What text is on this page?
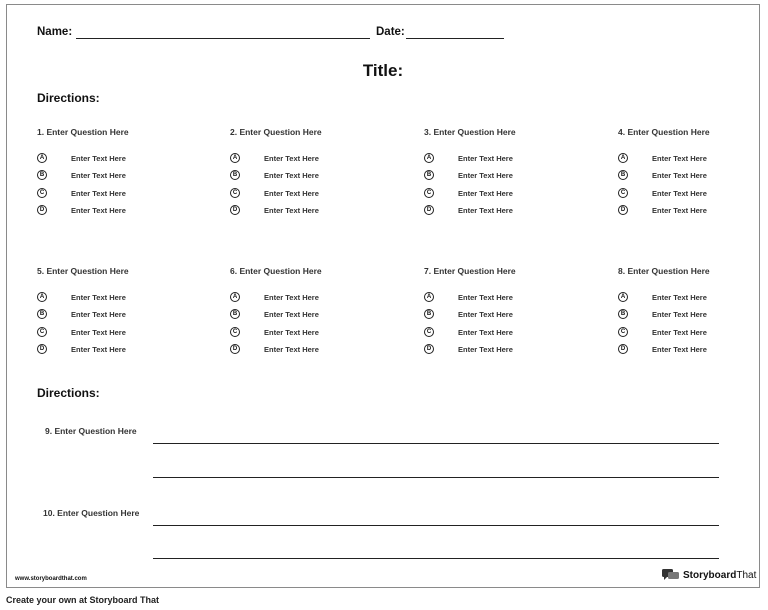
Name:	Date:
Title:
Directions:
1. Enter Question Here
A	Enter Text Here
B	Enter Text Here
C	Enter Text Here
D	Enter Text Here
2. Enter Question Here
A	Enter Text Here
B	Enter Text Here
C	Enter Text Here
D	Enter Text Here
3. Enter Question Here
A	Enter Text Here
B	Enter Text Here
C	Enter Text Here
D	Enter Text Here
4. Enter Question Here
A	Enter Text Here
B	Enter Text Here
C	Enter Text Here
D	Enter Text Here
5. Enter Question Here
A	Enter Text Here
B	Enter Text Here
C	Enter Text Here
D	Enter Text Here
6. Enter Question Here
A	Enter Text Here
B	Enter Text Here
C	Enter Text Here
D	Enter Text Here
7. Enter Question Here
A	Enter Text Here
B	Enter Text Here
C	Enter Text Here
D	Enter Text Here
8. Enter Question Here
A	Enter Text Here
B	Enter Text Here
C	Enter Text Here
D	Enter Text Here
Directions:
9. Enter Question Here
10. Enter Question Here
www.storyboardthat.com	Storyboard That
Create your own at Storyboard That
